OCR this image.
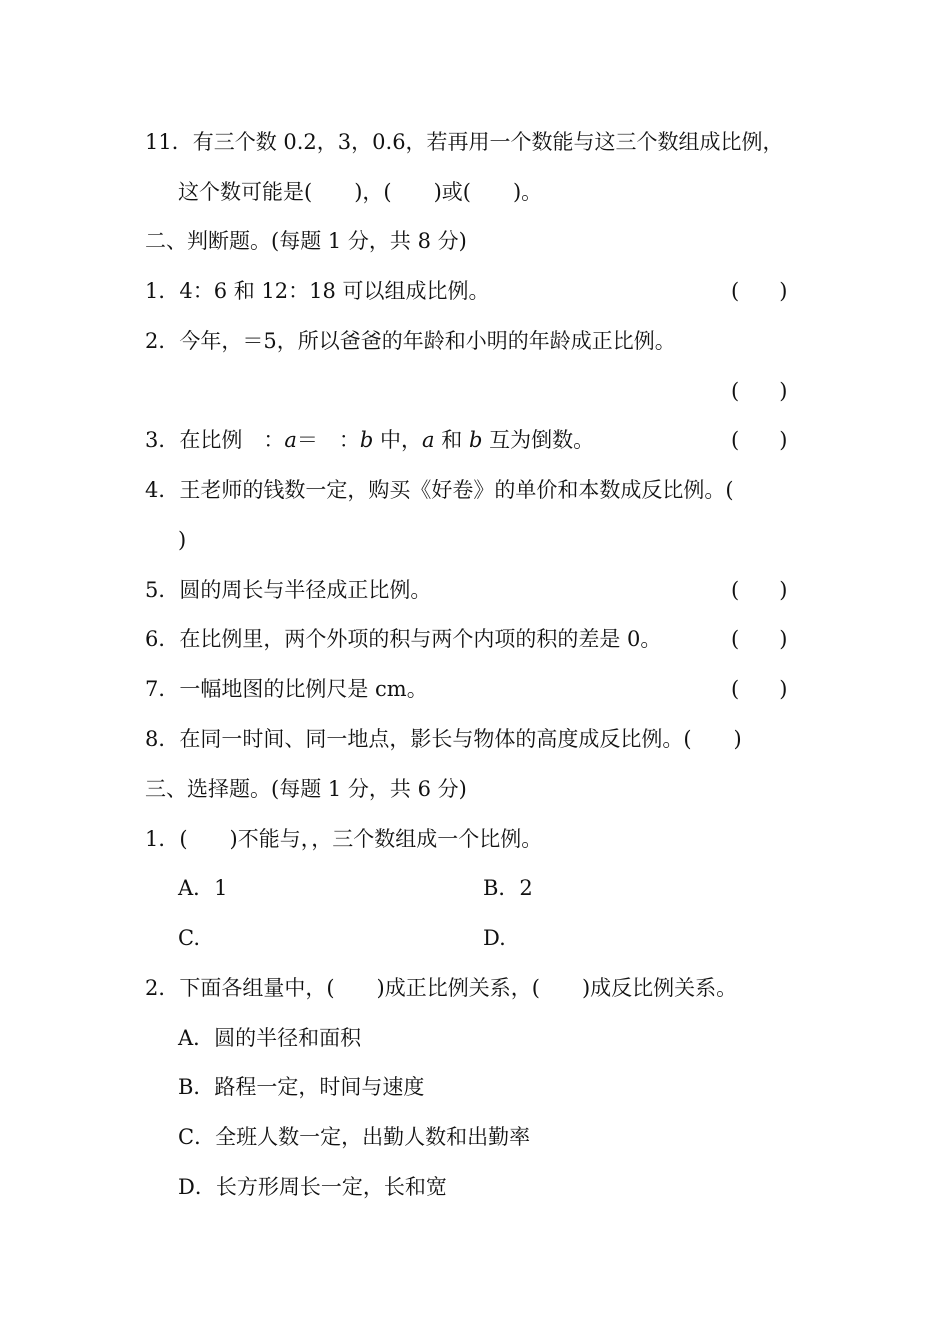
11．有三个数 0.2，3，0.6，若再用一个数能与这三个数组成比例，
这个数可能是(　　)，(　　)或(　　)。
二、判断题。(每题 1 分，共 8 分)
1．4：6 和 12：18 可以组成比例。	(      )
2．今年，＝5，所以爸爸的年龄和小明的年龄成正比例。
(      )
3．在比例　：a＝　：b 中，a 和 b 互为倒数。	(      )
4．王老师的钱数一定，购买《好卷》的单价和本数成反比例。(
)
5．圆的周长与半径成正比例。	(      )
6．在比例里，两个外项的积与两个内项的积的差是 0。	(      )
7．一幅地图的比例尺是 cm。	(      )
8．在同一时间、同一地点，影长与物体的高度成反比例。(　　)
三、选择题。(每题 1 分，共 6 分)
1．(　　)不能与，，三个数组成一个比例。
A．1	B．2
C.	D.
2．下面各组量中，(　　)成正比例关系，(　　)成反比例关系。
A．圆的半径和面积
B．路程一定，时间与速度
C．全班人数一定，出勤人数和出勤率
D．长方形周长一定，长和宽
